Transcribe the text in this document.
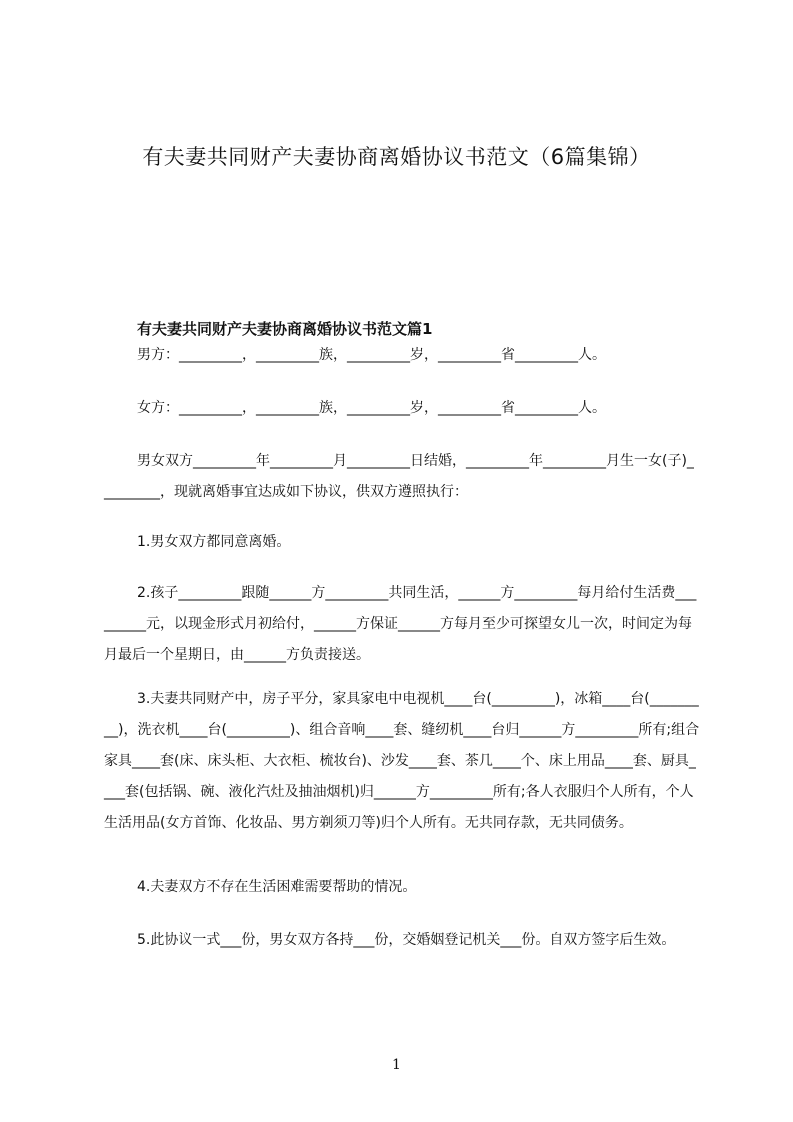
有夫妻共同财产夫妻协商离婚协议书范文（6篇集锦）
有夫妻共同财产夫妻协商离婚协议书范文篇1

男方：_________，_________族，_________岁，_________省_________人。

女方：_________，_________族，_________岁，_________省_________人。

男女双方_________年_________月_________日结婚，_________年_________月生一女(子)_________，现就离婚事宜达成如下协议，供双方遵照执行：

1.男女双方都同意离婚。

2.孩子_________跟随______方_________共同生活，______方_________每月给付生活费_________元，以现金形式月初给付，______方保证______方每月至少可探望女儿一次，时间定为每月最后一个星期日，由______方负责接送。

3.夫妻共同财产中，房子平分，家具家电中电视机____台(_________)，冰箱____台(_________)，洗衣机____台(_________)、组合音响____套、缝纫机____台归______方_________所有;组合家具____套(床、床头柜、大衣柜、梳妆台)、沙发____套、茶几____个、床上用品____套、厨具____套(包括锅、碗、液化汽灶及抽油烟机)归______方_________所有;各人衣服归个人所有，个人生活用品(女方首饰、化妆品、男方剃须刀等)归个人所有。无共同存款，无共同债务。

4.夫妻双方不存在生活困难需要帮助的情况。

5.此协议一式___份，男女双方各持___份，交婚姻登记机关___份。自双方签字后生效。

1
